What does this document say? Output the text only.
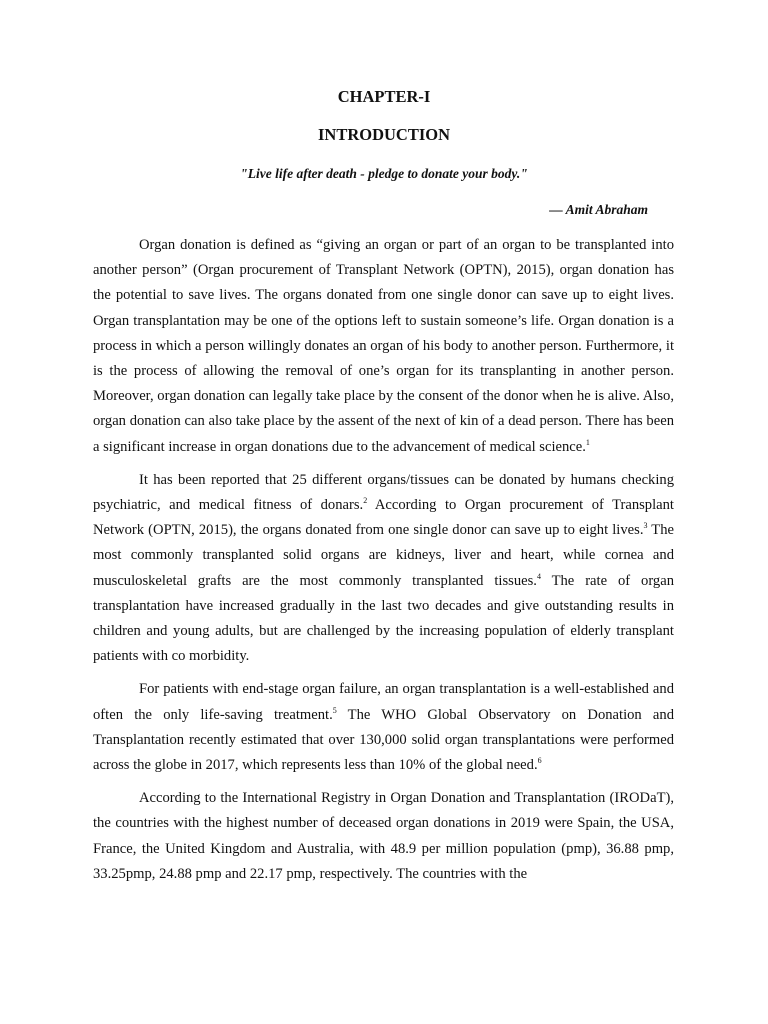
CHAPTER-I
INTRODUCTION
"Live life after death - pledge to donate your body."
— Amit Abraham

Organ donation is defined as “giving an organ or part of an organ to be transplanted into another person” (Organ procurement of Transplant Network (OPTN), 2015), organ donation has the potential to save lives. The organs donated from one single donor can save up to eight lives. Organ transplantation may be one of the options left to sustain someone’s life. Organ donation is a process in which a person willingly donates an organ of his body to another person. Furthermore, it is the process of allowing the removal of one’s organ for its transplanting in another person. Moreover, organ donation can legally take place by the consent of the donor when he is alive. Also, organ donation can also take place by the assent of the next of kin of a dead person. There has been a significant increase in organ donations due to the advancement of medical science.$^1$

It has been reported that 25 different organs/tissues can be donated by humans checking psychiatric, and medical fitness of donars.$^2$ According to Organ procurement of Transplant Network (OPTN, 2015), the organs donated from one single donor can save up to eight lives.$^3$ The most commonly transplanted solid organs are kidneys, liver and heart, while cornea and musculoskeletal grafts are the most commonly transplanted tissues.$^4$ The rate of organ transplantation have increased gradually in the last two decades and give outstanding results in children and young adults, but are challenged by the increasing population of elderly transplant patients with co morbidity.

For patients with end-stage organ failure, an organ transplantation is a well-established and often the only life-saving treatment.$^5$ The WHO Global Observatory on Donation and Transplantation recently estimated that over 130,000 solid organ transplantations were performed across the globe in 2017, which represents less than 10% of the global need.$^6$

According to the International Registry in Organ Donation and Transplantation (IRODaT), the countries with the highest number of deceased organ donations in 2019 were Spain, the USA, France, the United Kingdom and Australia, with 48.9 per million population (pmp), 36.88 pmp, 33.25pmp, 24.88 pmp and 22.17 pmp, respectively. The countries with the
